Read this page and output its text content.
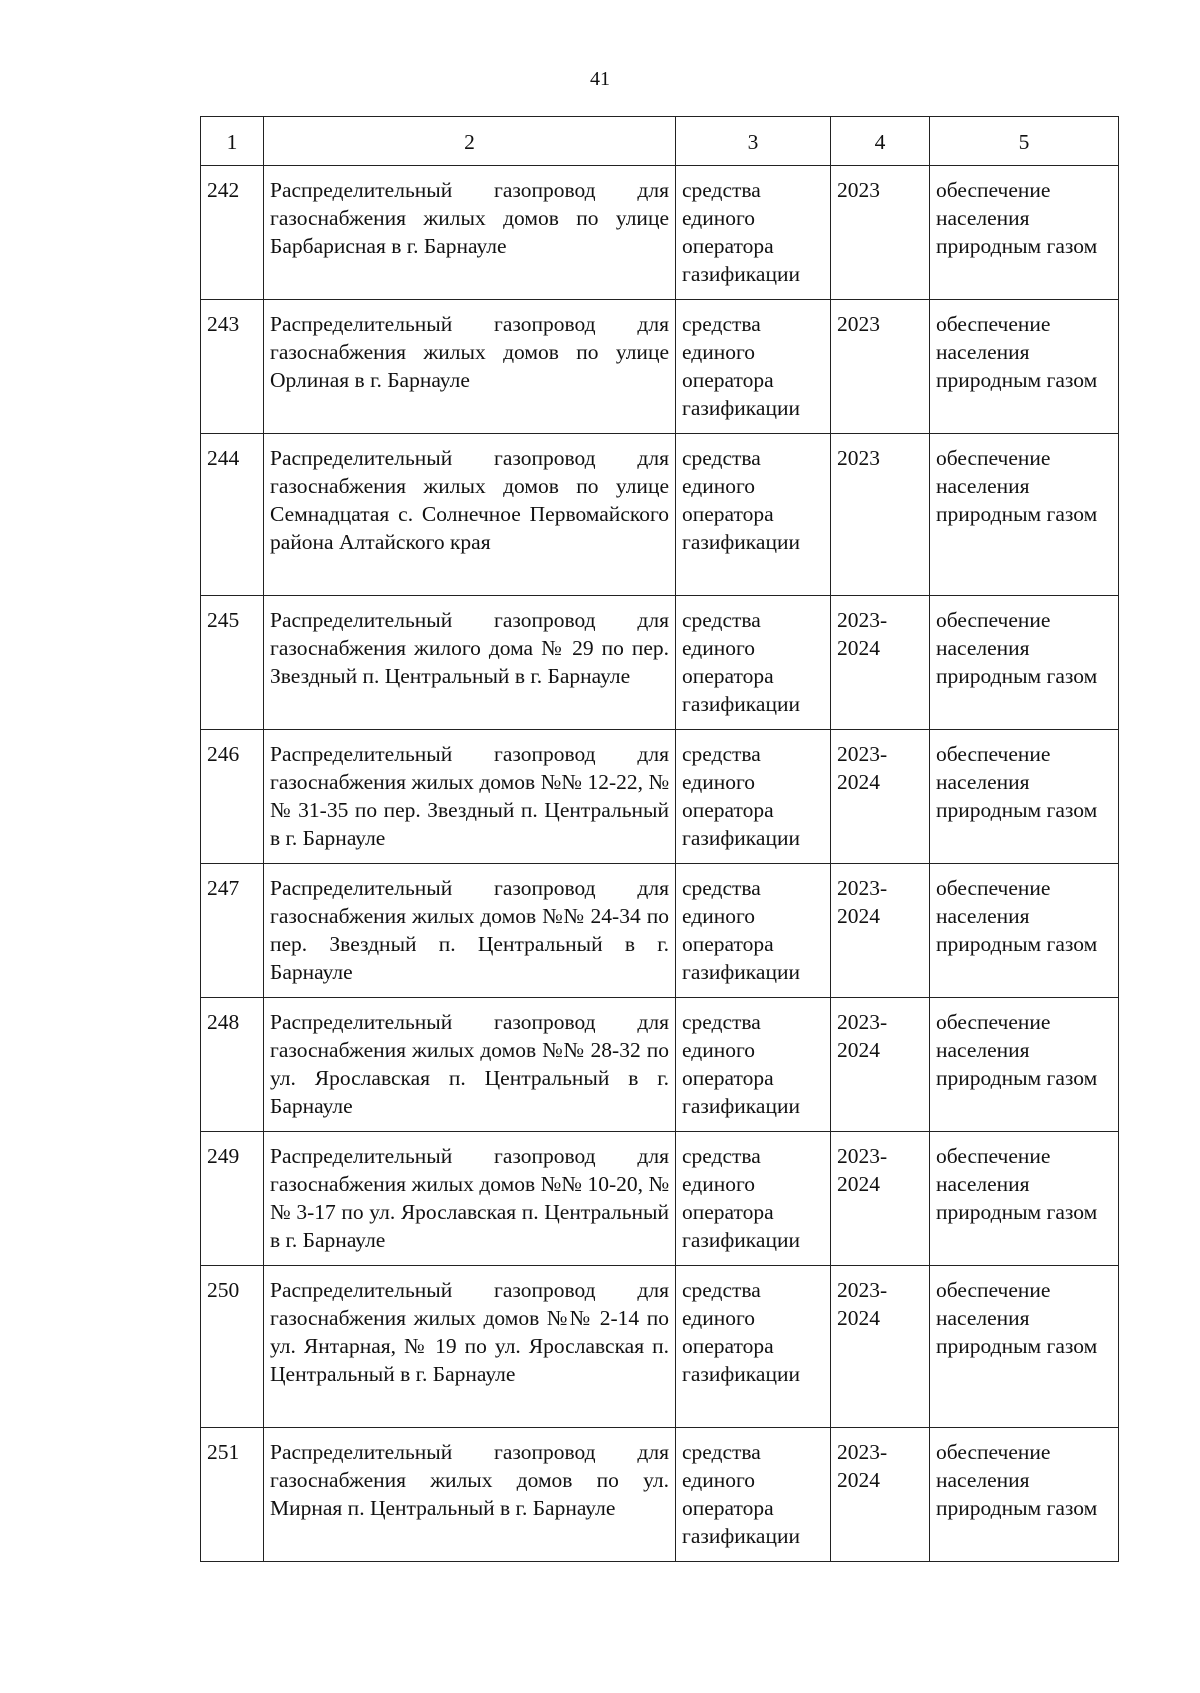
41
1	2	3	4	5
242	Распределительный газопровод для газоснабжения жилых домов по улице Барбарисная в г. Барнауле	средства единого оператора газификации	2023	обеспечение населения природным газом
243	Распределительный газопровод для газоснабжения жилых домов по улице Орлиная в г. Барнауле	средства единого оператора газификации	2023	обеспечение населения природным газом
244	Распределительный газопровод для газоснабжения жилых домов по улице Семнадцатая с. Солнечное Первомайского района Алтайского края	средства единого оператора газификации	2023	обеспечение населения природным газом
245	Распределительный газопровод для газоснабжения жилого дома № 29 по пер. Звездный п. Центральный в г. Барнауле	средства единого оператора газификации	2023-2024	обеспечение населения природным газом
246	Распределительный газопровод для газоснабжения жилых домов №№ 12-22, №№ 31-35 по пер. Звездный п. Центральный в г. Барнауле	средства единого оператора газификации	2023-2024	обеспечение населения природным газом
247	Распределительный газопровод для газоснабжения жилых домов №№ 24-34 по пер. Звездный п. Центральный в г. Барнауле	средства единого оператора газификации	2023-2024	обеспечение населения природным газом
248	Распределительный газопровод для газоснабжения жилых домов №№ 28-32 по ул. Ярославская п. Центральный в г. Барнауле	средства единого оператора газификации	2023-2024	обеспечение населения природным газом
249	Распределительный газопровод для газоснабжения жилых домов №№ 10-20, №№ 3-17 по ул. Ярославская п. Центральный в г. Барнауле	средства единого оператора газификации	2023-2024	обеспечение населения природным газом
250	Распределительный газопровод для газоснабжения жилых домов №№ 2-14 по ул. Янтарная, № 19 по ул. Ярославская п. Центральный в г. Барнауле	средства единого оператора газификации	2023-2024	обеспечение населения природным газом
251	Распределительный газопровод для газоснабжения жилых домов по ул. Мирная п. Центральный в г. Барнауле	средства единого оператора газификации	2023-2024	обеспечение населения природным газом
